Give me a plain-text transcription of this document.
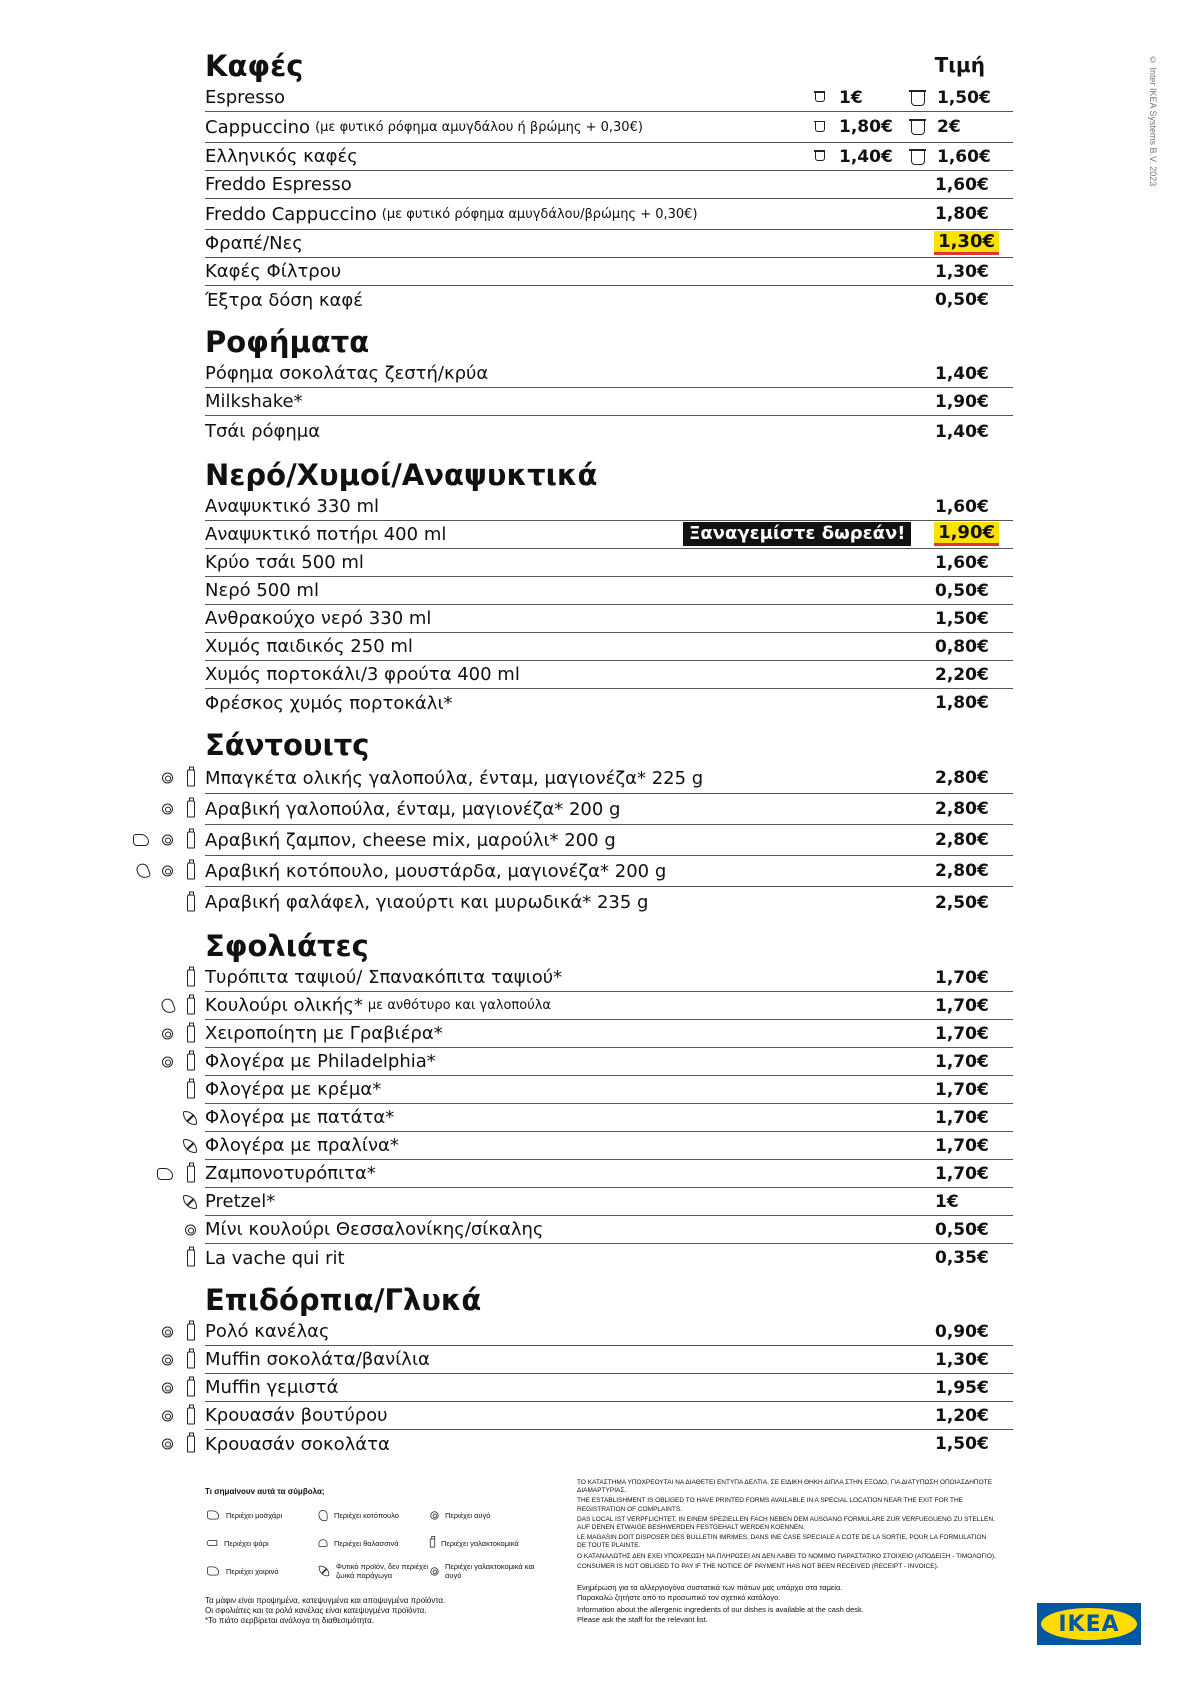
© Inter IKEA Systems B.V. 2023
Καφές	Τιμή
Espresso	1€	1,50€
Cappuccino (με φυτικό ρόφημα αμυγδάλου ή βρώμης + 0,30€)	1,80€	2€
Ελληνικός καφές	1,40€	1,60€
Freddo Espresso	1,60€
Freddo Cappuccino (με φυτικό ρόφημα αμυγδάλου/βρώμης + 0,30€)	1,80€
Φραπέ/Νες	1,30€
Καφές Φίλτρου	1,30€
Έξτρα δόση καφέ	0,50€
Ροφήματα
Ρόφημα σοκολάτας ζεστή/κρύα	1,40€
Milkshake*	1,90€
Τσάι ρόφημα	1,40€
Νερό/Χυμοί/Αναψυκτικά
Αναψυκτικό 330 ml	1,60€
Αναψυκτικό ποτήρι 400 ml	Ξαναγεμίστε δωρεάν!	1,90€
Κρύο τσάι 500 ml	1,60€
Νερό 500 ml	0,50€
Ανθρακούχο νερό 330 ml	1,50€
Χυμός παιδικός 250 ml	0,80€
Χυμός πορτοκάλι/3 φρούτα 400 ml	2,20€
Φρέσκος χυμός πορτοκάλι*	1,80€
Σάντουιτς
Μπαγκέτα ολικής γαλοπούλα, ένταμ, μαγιονέζα* 225 g	2,80€
Αραβική γαλοπούλα, ένταμ, μαγιονέζα* 200 g	2,80€
Αραβική ζαμπον, cheese mix, μαρούλι* 200 g	2,80€
Αραβική κοτόπουλο, μουστάρδα, μαγιονέζα* 200 g	2,80€
Αραβική φαλάφελ, γιαούρτι και μυρωδικά* 235 g	2,50€
Σφολιάτες
Τυρόπιτα ταψιού/ Σπανακόπιτα ταψιού*	1,70€
Κουλούρι ολικής* με ανθότυρο και γαλοπούλα	1,70€
Χειροποίητη με Γραβιέρα*	1,70€
Φλογέρα με Philadelphia*	1,70€
Φλογέρα με κρέμα*	1,70€
Φλογέρα με πατάτα*	1,70€
Φλογέρα με πραλίνα*	1,70€
Ζαμπονοτυρόπιτα*	1,70€
Pretzel*	1€
Μίνι κουλούρι Θεσσαλονίκης/σίκαλης	0,50€
La vache qui rit	0,35€
Επιδόρπια/Γλυκά
Ρολό κανέλας	0,90€
Muffin σοκολάτα/βανίλια	1,30€
Muffin γεμιστά	1,95€
Κρουασάν βουτύρου	1,20€
Κρουασάν σοκολάτα	1,50€
Τι σημαίνουν αυτά τα σύμβολα;
Περιέχει μοσχάρι	Περιέχει κοτόπουλο	Περιέχει αυγό
Περιέχει ψάρι	Περιέχει θαλασσινά	Περιέχει γαλακτοκομικά
Περιέχει χοιρινό	Φυτικό προϊόν, δεν περιέχει ζωικά παράγωγα
Περιέχει γαλακτοκομικά και αυγό
Τα μάφιν είναι προψημένα, κατεψυγμένα και αποψυγμένα προϊόντα.
Οι σφολιάτες και τα ρολά κανέλας είναι κατεψυγμένα προϊόντα.
*Το πιάτο σερβίρεται ανάλογα τη διαθεσιμότητα.

ΤΟ ΚΑΤΑΣΤΗΜΑ ΥΠΟΧΡΕΟΥΤΑΙ ΝΑ ΔΙΑΘΕΤΕΙ ΕΝΤΥΠΑ ΔΕΛΤΙΑ, ΣΕ ΕΙΔΙΚΗ ΘΗΚΗ ΔΙΠΛΑ ΣΤΗΝ ΕΞΟΔΟ, ΓΙΑ ΔΙΑΤΥΠΩΣΗ ΟΠΟΙΑΣΔΗΠΟΤΕ ΔΙΑΜΑΡΤΥΡΙΑΣ.

THE ESTABLISHMENT IS OBLIGED TO HAVE PRINTED FORMS AVAILABLE IN A SPECIAL LOCATION NEAR THE EXIT FOR THE REGISTRATION OF COMPLAINTS.

DAS LOCAL IST VERPFLICHTET, IN EINEM SPEZIELLEN FACH NEBEN DEM AUSGANG FORMULARE ZUR VERFUEGUENG ZU STELLEN, AUF DENEN ETWAIGE BESHWERDEN FESTGEHALT WERDEN KOENNEN.

LE MAGASIN DOIT DISPOSER DES BULLETIN IMRIMES, DANS INE CASE SPECIALE A COTE DE LA SORTIE, POUR LA FORMULATION DE TOUTE PLAINTE.

Ο ΚΑΤΑΝΑΛΩΤΗΣ ΔΕΝ ΕΧΕΙ ΥΠΟΧΡΕΩΣΗ ΝΑ ΠΛΗΡΩΣΕΙ ΑΝ ΔΕΝ ΛΑΒΕΙ ΤΟ ΝΟΜΙΜΟ ΠΑΡΑΣΤΑΤΙΚΟ ΣΤΟΙΧΕΙΟ (ΑΠΟΔΕΙΞΗ - ΤΙΜΟΛΟΓΙΟ).

CONSUMER IS NOT OBLIGED TO PAY IF THE NOTICE OF PAYMENT HAS NOT BEEN RECEIVED (RECEIPT - INVOICE).

Ενημέρωση για τα αλλεργιογόνα συστατικά των πιάτων μας υπάρχει στα ταμεία.
Παρακαλώ ζητήστε από το προσωπικό τον σχετικό κατάλογο.
Information about the allergenic ingredients of our dishes is available at the cash desk.
Please ask the staff for the relevant list.	IKEA
